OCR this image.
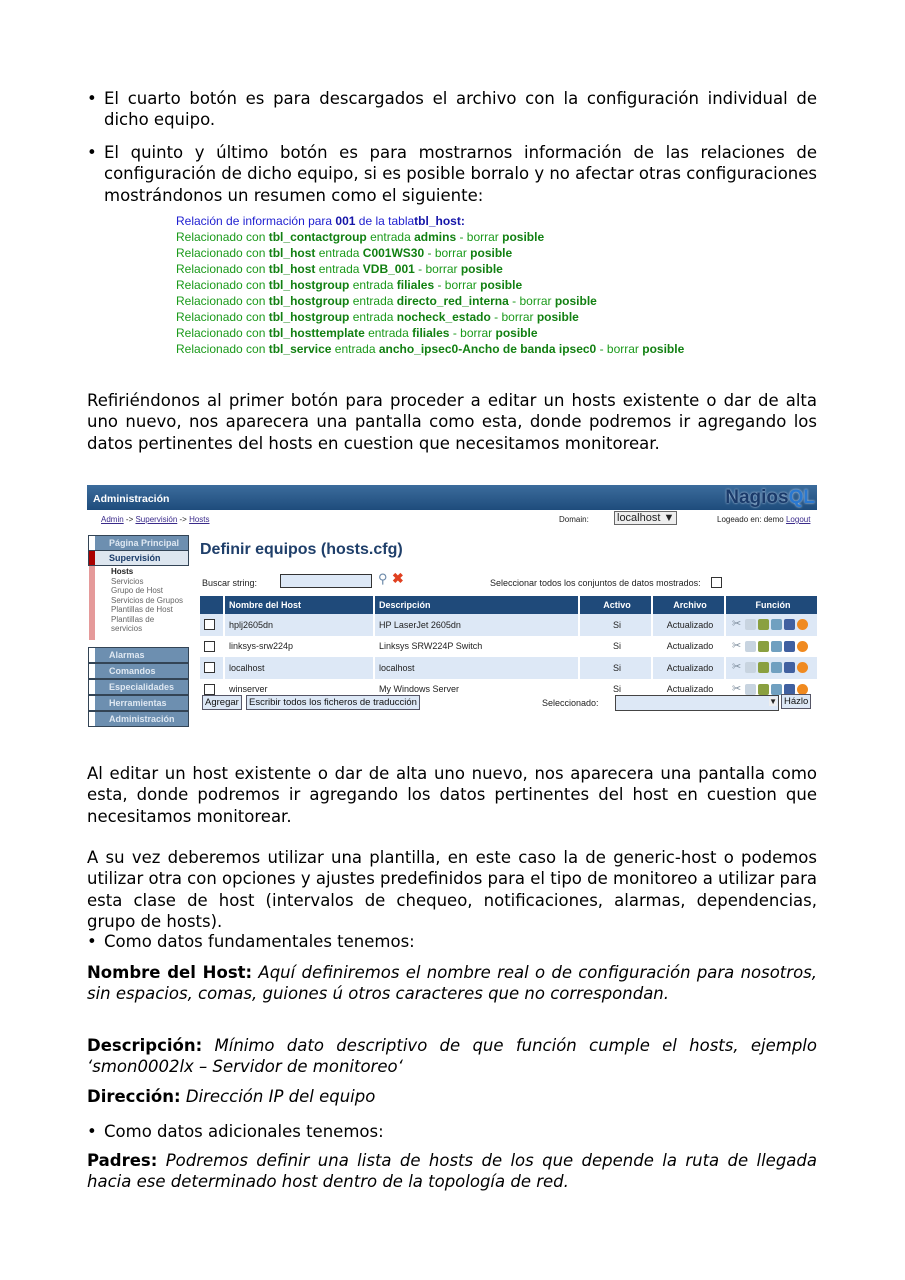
• El cuarto botón es para descargados el archivo con la configuración individual de dicho equipo.
• El quinto y último botón es para mostrarnos información de las relaciones de configuración de dicho equipo, si es posible borralo y no afectar otras configuraciones mostrándonos un resumen como el siguiente:
Relación de información para 001 de la tablatbl_host:
Relacionado con tbl_contactgroup entrada admins - borrar posible
Relacionado con tbl_host entrada C001WS30 - borrar posible
Relacionado con tbl_host entrada VDB_001 - borrar posible
Relacionado con tbl_hostgroup entrada filiales - borrar posible
Relacionado con tbl_hostgroup entrada directo_red_interna - borrar posible
Relacionado con tbl_hostgroup entrada nocheck_estado - borrar posible
Relacionado con tbl_hosttemplate entrada filiales - borrar posible
Relacionado con tbl_service entrada ancho_ipsec0-Ancho de banda ipsec0 - borrar posible

Refiriéndonos al primer botón para proceder a editar un hosts existente o dar de alta uno nuevo, nos aparecera una pantalla como esta, donde podremos ir agregando los datos pertinentes del hosts en cuestion que necesitamos monitorear.

Administración	NagiosQL
Admin -> Supervisión -> Hosts	Domain:	localhost ▼	Logeado en: demo Logout
Página Principal
Supervisión
Hosts
Servicios
Grupo de Host
Servicios de Grupos
Plantillas de Host
Plantillas de
servicios
Alarmas
Comandos
Especialidades
Herramientas
Administración
Definir equipos (hosts.cfg)
Buscar string:	⚲ ✖	Seleccionar todos los conjuntos de datos mostrados:
	Nombre del Host	Descripción	Activo	Archivo	Función
	hplj2605dn	HP LaserJet 2605dn	Si	Actualizado	✂
	linksys-srw224p	Linksys SRW224P Switch	Si	Actualizado	✂
	localhost	localhost	Si	Actualizado	✂
	winserver	My Windows Server	Si	Actualizado	✂
Agregar	Escribir todos los ficheros de traducción	Seleccionado:	▼ Házlo

Al editar un host existente o dar de alta uno nuevo, nos aparecera una pantalla como esta, donde podremos ir agregando los datos pertinentes del host en cuestion que necesitamos monitorear.

A su vez deberemos utilizar una plantilla, en este caso la de generic-host o podemos utilizar otra con opciones y ajustes predefinidos para el tipo de monitoreo a utilizar para esta clase de host (intervalos de chequeo, notificaciones, alarmas, dependencias, grupo de hosts).

• Como datos fundamentales tenemos:

Nombre del Host: Aquí definiremos el nombre real o de configuración para nosotros, sin espacios, comas, guiones ú otros caracteres que no correspondan.

Descripción: Mínimo dato descriptivo de que función cumple el hosts, ejemplo ‘smon0002lx – Servidor de monitoreo‘

Dirección: Dirección IP del equipo

• Como datos adicionales tenemos:

Padres: Podremos definir una lista de hosts de los que depende la ruta de llegada hacia ese determinado host dentro de la topología de red.
